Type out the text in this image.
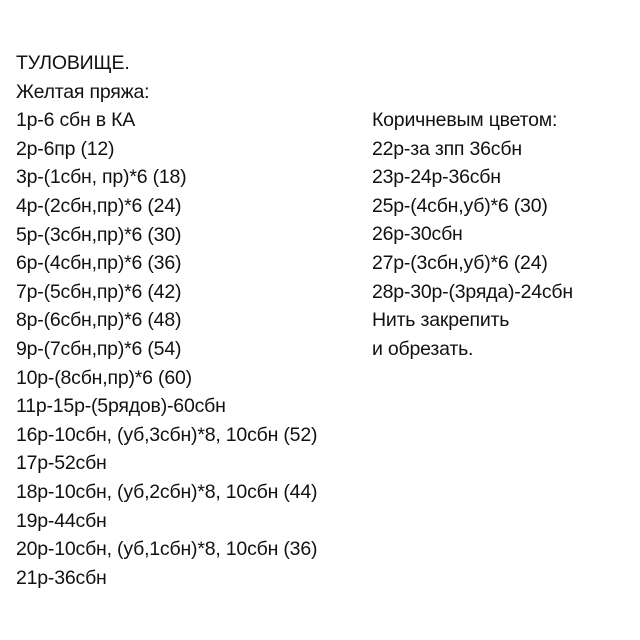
ТУЛОВИЩЕ.
Желтая пряжа:
1р-6 сбн в КА
2р-6пр (12)
3р-(1сбн, пр)*6 (18)
4р-(2сбн,пр)*6 (24)
5р-(3сбн,пр)*6 (30)
6р-(4сбн,пр)*6 (36)
7р-(5сбн,пр)*6 (42)
8р-(6сбн,пр)*6 (48)
9р-(7сбн,пр)*6 (54)
10р-(8сбн,пр)*6 (60)
11р-15р-(5рядов)-60сбн
16р-10сбн, (уб,3сбн)*8, 10сбн (52)
17р-52сбн
18р-10сбн, (уб,2сбн)*8, 10сбн (44)
19р-44сбн
20р-10сбн, (уб,1сбн)*8, 10сбн (36)
21р-36сбн
Коричневым цветом:
22р-за зпп 36сбн
23р-24р-36сбн
25р-(4сбн,уб)*6 (30)
26р-30сбн
27р-(3сбн,уб)*6 (24)
28р-30р-(3ряда)-24сбн
Нить закрепить
и обрезать.
